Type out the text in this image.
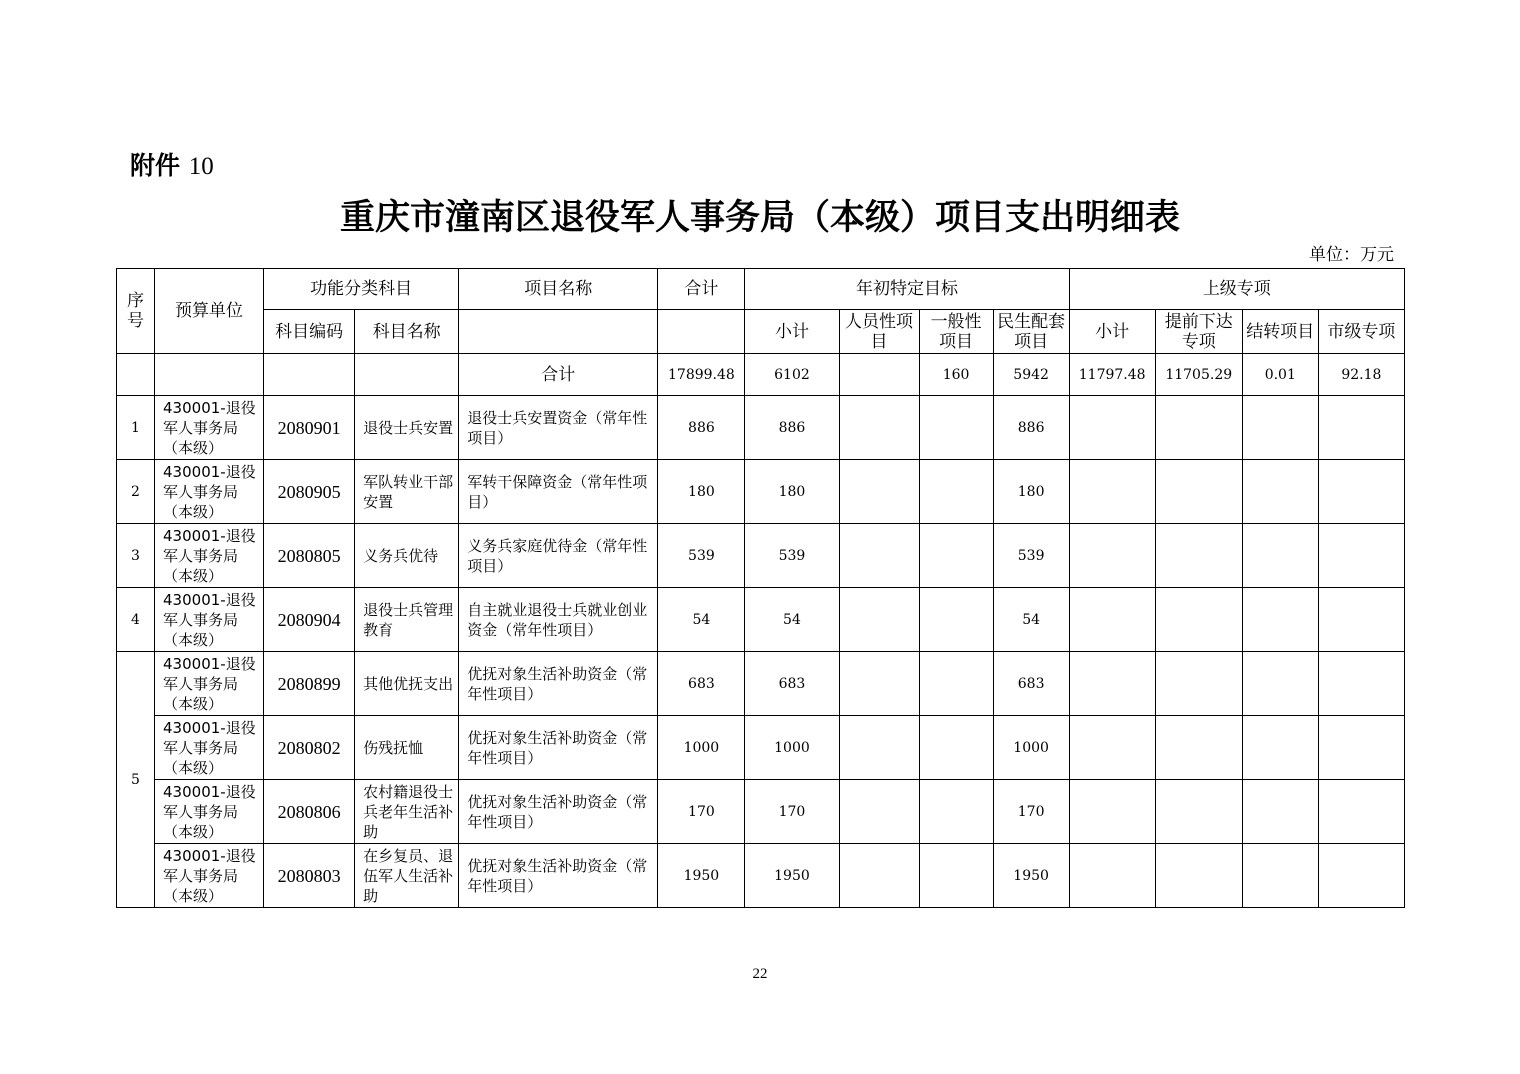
附件 10
重庆市潼南区退役军人事务局（本级）项目支出明细表
单位：万元
序号	预算单位	功能分类科目		项目名称	合计	年初特定目标				上级专项			
		科目编码	科目名称			小计	人员性项目	一般性项目	民生配套项目	小计	提前下达专项	结转项目	市级专项
				合计	17899.48	6102		160	5942	11797.48	11705.29	0.01	92.18
1	430001-退役军人事务局（本级）	2080901	退役士兵安置	退役士兵安置资金（常年性项目）	886	886			886				
2	430001-退役军人事务局（本级）	2080905	军队转业干部安置	军转干保障资金（常年性项目）	180	180			180				
3	430001-退役军人事务局（本级）	2080805	义务兵优待	义务兵家庭优待金（常年性项目）	539	539			539				
4	430001-退役军人事务局（本级）	2080904	退役士兵管理教育	自主就业退役士兵就业创业资金（常年性项目）	54	54			54				
5	430001-退役军人事务局（本级）	2080899	其他优抚支出	优抚对象生活补助资金（常年性项目）	683	683			683				
	430001-退役军人事务局（本级）	2080802	伤残抚恤	优抚对象生活补助资金（常年性项目）	1000	1000			1000				
	430001-退役军人事务局（本级）	2080806	农村籍退役士兵老年生活补助	优抚对象生活补助资金（常年性项目）	170	170			170				
	430001-退役军人事务局（本级）	2080803	在乡复员、退伍军人生活补助	优抚对象生活补助资金（常年性项目）	1950	1950			1950				
22
